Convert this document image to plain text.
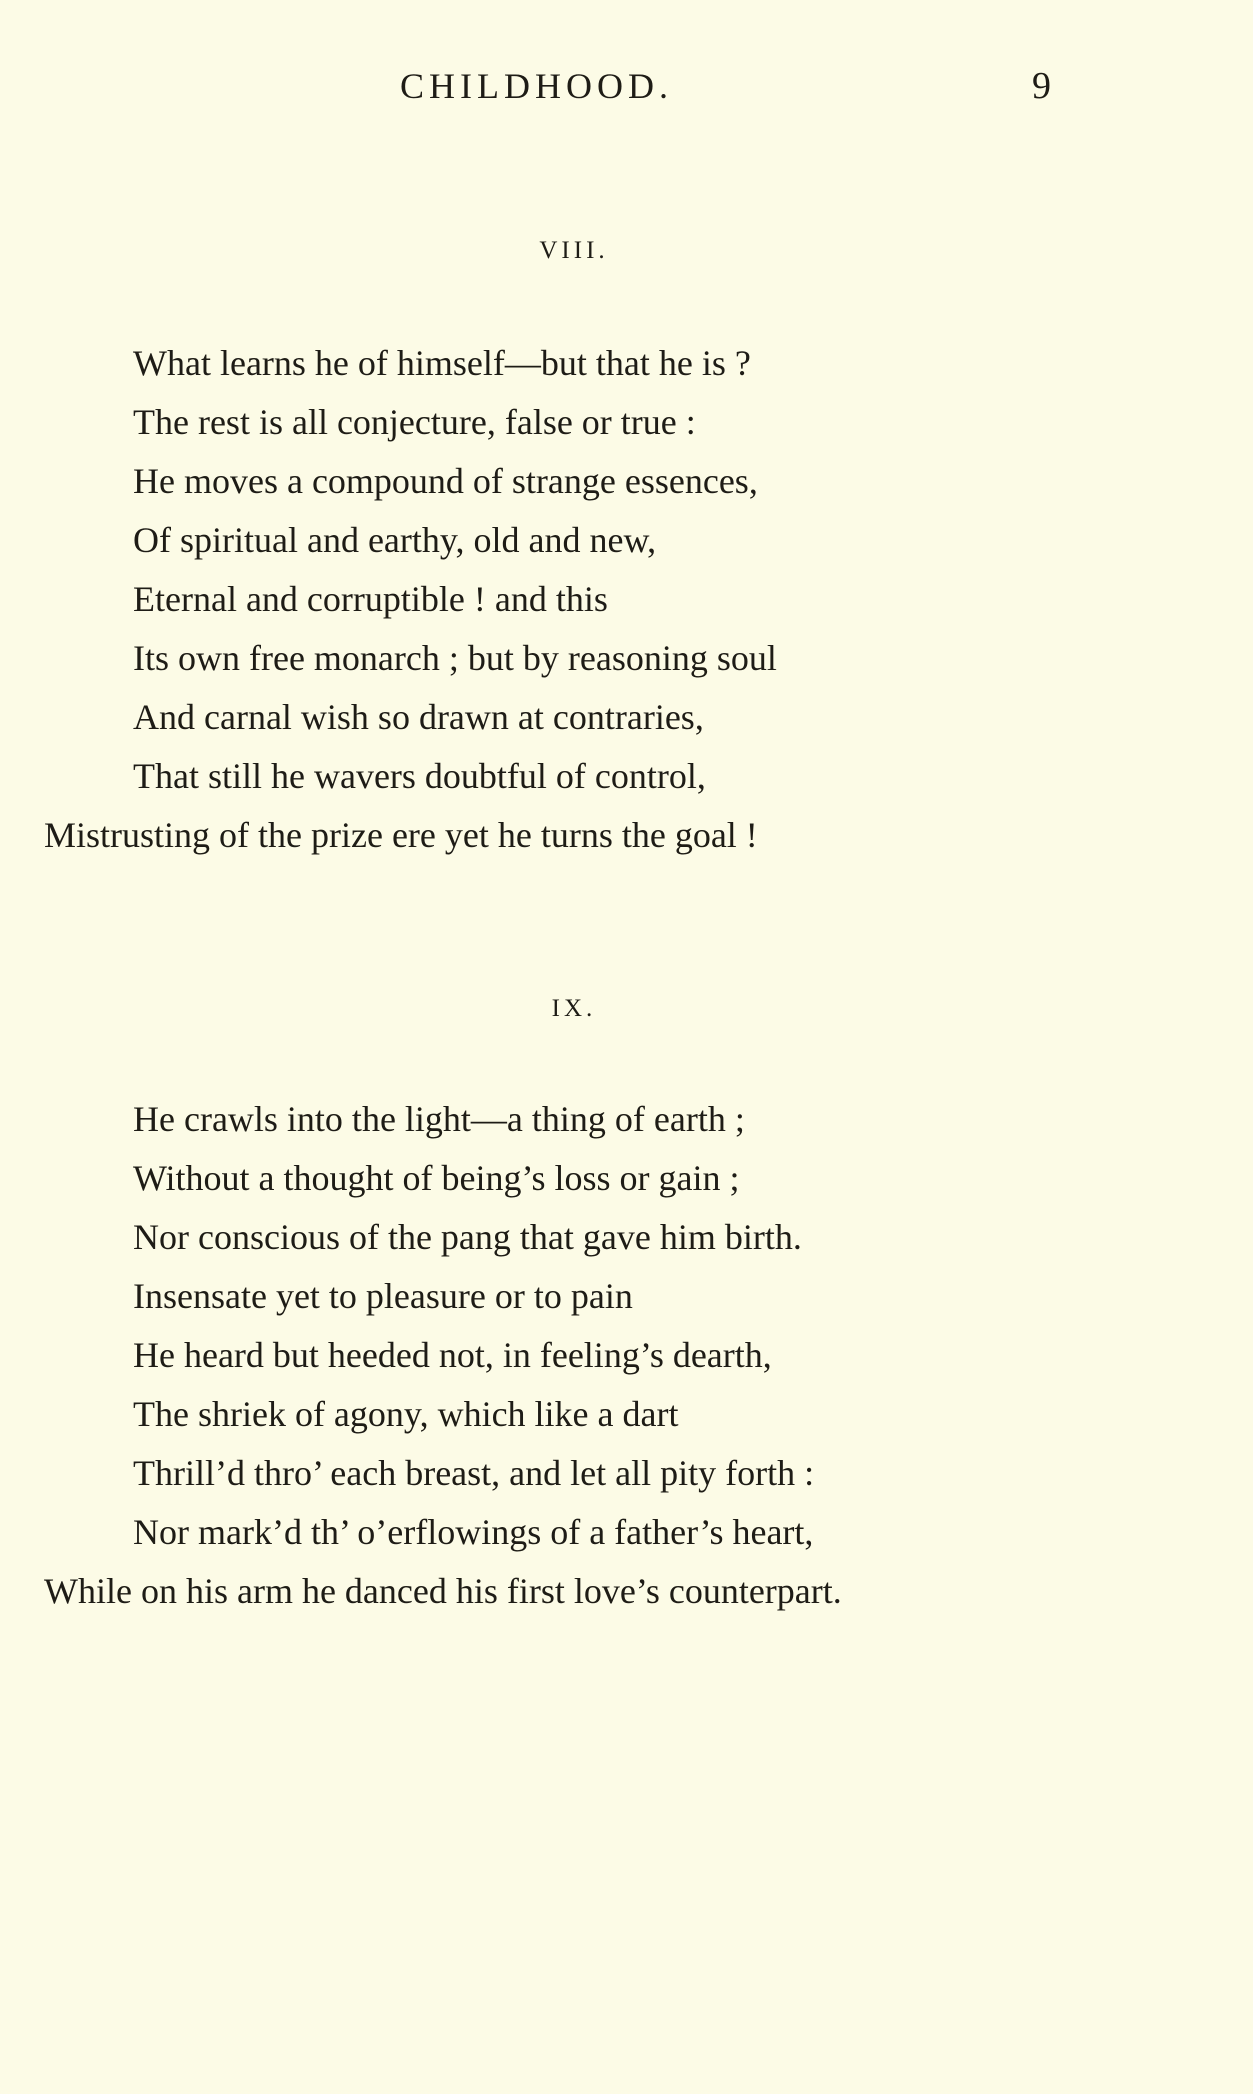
CHILDHOOD.	9
VIII.
What learns he of himself—but that he is ?
The rest is all conjecture, false or true :
He moves a compound of strange essences,
Of spiritual and earthy, old and new,
Eternal and corruptible ! and this
Its own free monarch ; but by reasoning soul
And carnal wish so drawn at contraries,
That still he wavers doubtful of control,
Mistrusting of the prize ere yet he turns the goal !
IX.
He crawls into the light—a thing of earth ;
Without a thought of being’s loss or gain ;
Nor conscious of the pang that gave him birth.
Insensate yet to pleasure or to pain
He heard but heeded not, in feeling’s dearth,
The shriek of agony, which like a dart
Thrill’d thro’ each breast, and let all pity forth :
Nor mark’d th’ o’erflowings of a father’s heart,
While on his arm he danced his first love’s counterpart.
